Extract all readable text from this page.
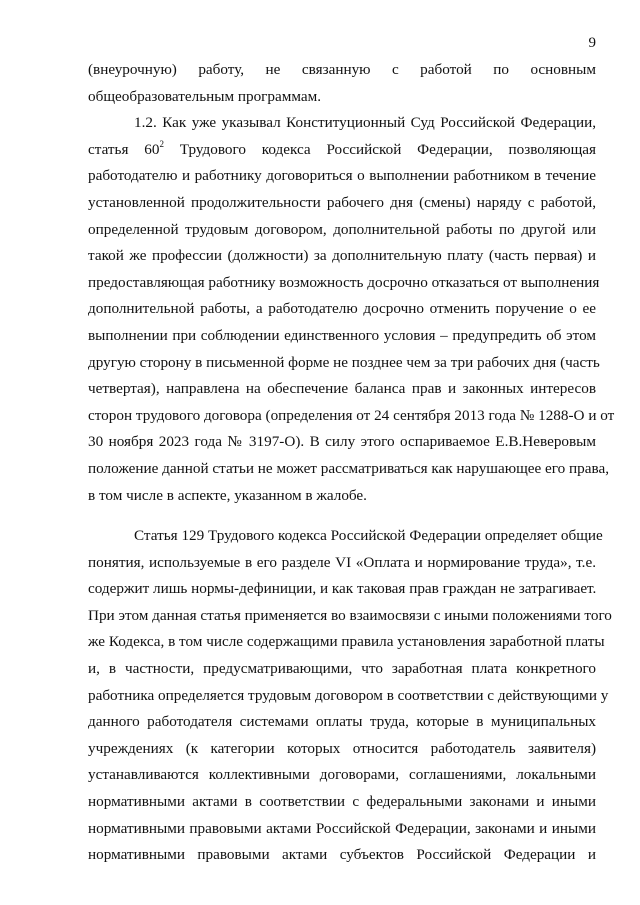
9
(внеурочную) работу, не связанную с работой по основным
общеобразовательным программам.
1.2. Как уже указывал Конституционный Суд Российской Федерации,
статья $60^2$ Трудового кодекса Российской Федерации, позволяющая
работодателю и работнику договориться о выполнении работником в течение
установленной продолжительности рабочего дня (смены) наряду с работой,
определенной трудовым договором, дополнительной работы по другой или
такой же профессии (должности) за дополнительную плату (часть первая) и
предоставляющая работнику возможность досрочно отказаться от выполнения
дополнительной работы, а работодателю досрочно отменить поручение о ее
выполнении при соблюдении единственного условия – предупредить об этом
другую сторону в письменной форме не позднее чем за три рабочих дня (часть
четвертая), направлена на обеспечение баланса прав и законных интересов
сторон трудового договора (определения от 24 сентября 2013 года № 1288-О и от
30 ноября 2023 года № 3197-О). В силу этого оспариваемое Е.В.Неверовым
положение данной статьи не может рассматриваться как нарушающее его права,
в том числе в аспекте, указанном в жалобе.
Статья 129 Трудового кодекса Российской Федерации определяет общие
понятия, используемые в его разделе VI «Оплата и нормирование труда», т.е.
содержит лишь нормы-дефиниции, и как таковая прав граждан не затрагивает.
При этом данная статья применяется во взаимосвязи с иными положениями того
же Кодекса, в том числе содержащими правила установления заработной платы
и, в частности, предусматривающими, что заработная плата конкретного
работника определяется трудовым договором в соответствии с действующими у
данного работодателя системами оплаты труда, которые в муниципальных
учреждениях (к категории которых относится работодатель заявителя)
устанавливаются коллективными договорами, соглашениями, локальными
нормативными актами в соответствии с федеральными законами и иными
нормативными правовыми актами Российской Федерации, законами и иными
нормативными правовыми актами субъектов Российской Федерации и
